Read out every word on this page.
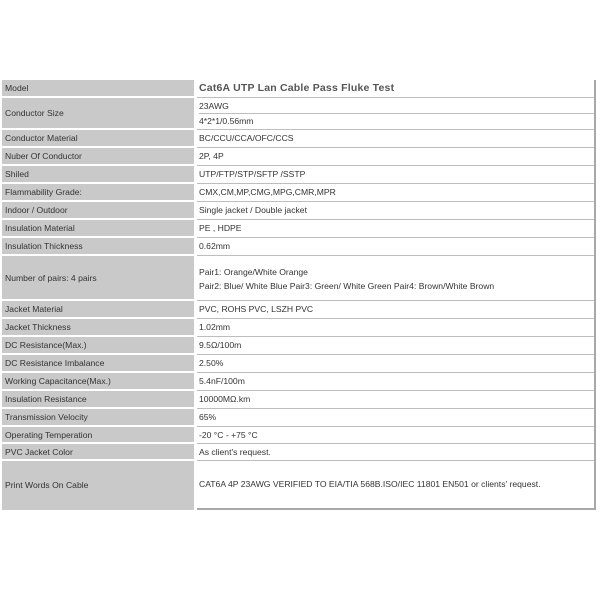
Model		Cat6A UTP Lan Cable Pass Fluke Test
Conductor Size		23AWG
4*2*1/0.56mm

Conductor Material		BC/CCU/CCA/OFC/CCS
Nuber Of Conductor		2P, 4P
Shiled		UTP/FTP/STP/SFTP /SSTP
Flammability Grade:		CMX,CM,MP,CMG,MPG,CMR,MPR
Indoor / Outdoor		Single jacket / Double jacket
Insulation Material		PE , HDPE
Insulation Thickness		0.62mm
Number of pairs: 4 pairs		Pair1: Orange/White Orange
Pair2: Blue/ White Blue Pair3: Green/ White Green Pair4: Brown/White Brown

Jacket Material		PVC, ROHS PVC, LSZH PVC
Jacket Thickness		1.02mm
DC Resistance(Max.)		9.5Ω/100m
DC Resistance Imbalance		2.50%
Working Capacitance(Max.)		5.4nF/100m
Insulation Resistance		10000MΩ.km
Transmission Velocity		65%
Operating Temperation		-20 °C - +75 °C
PVC Jacket Color		As client's request.
Print Words On Cable		CAT6A 4P 23AWG VERIFIED TO EIA/TIA 568B.ISO/IEC 11801 EN501 or clients' request.
